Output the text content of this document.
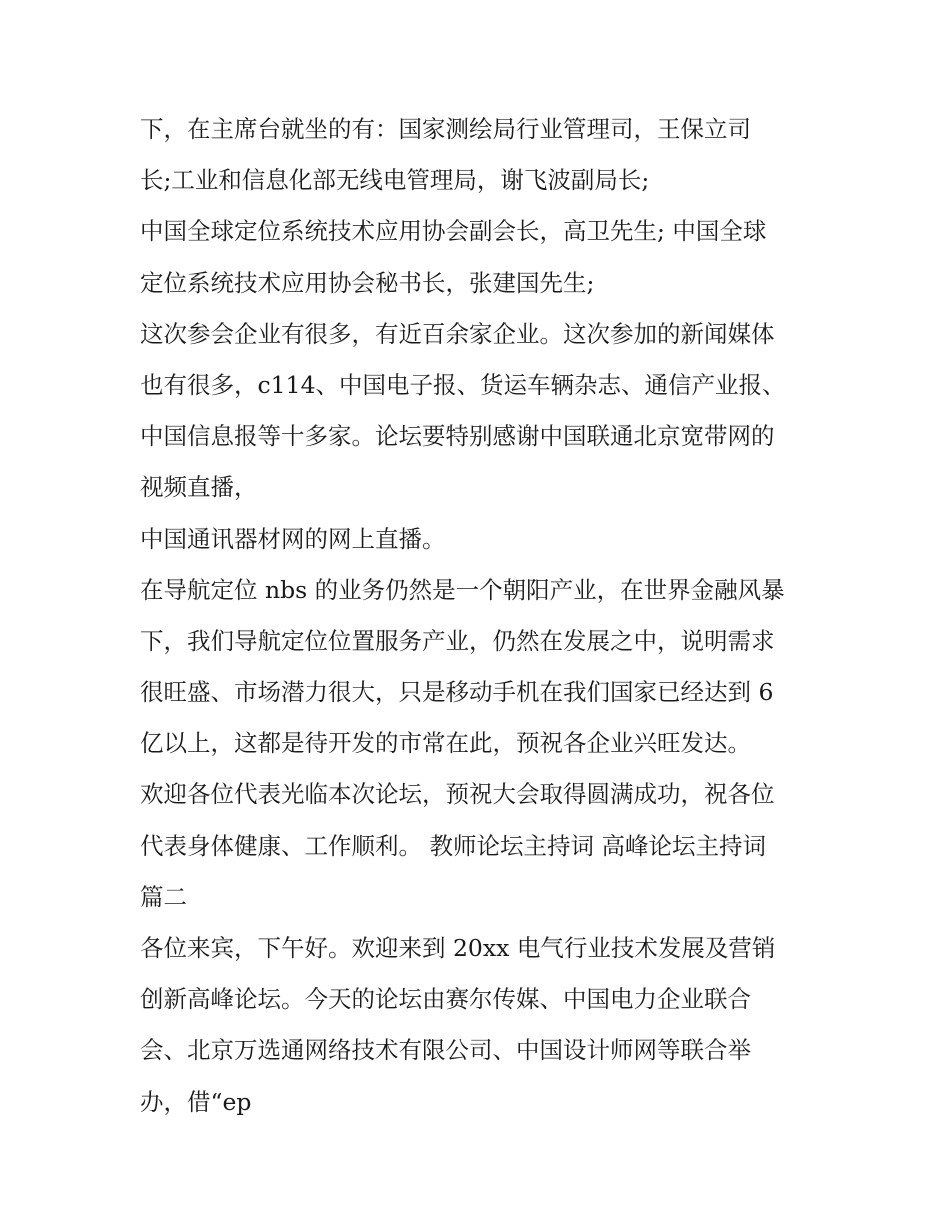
下，在主席台就坐的有：国家测绘局行业管理司，王保立司
长;工业和信息化部无线电管理局，谢飞波副局长;
中国全球定位系统技术应用协会副会长，高卫先生; 中国全球
定位系统技术应用协会秘书长，张建国先生;
这次参会企业有很多，有近百余家企业。这次参加的新闻媒体
也有很多，c114、中国电子报、货运车辆杂志、通信产业报、
中国信息报等十多家。论坛要特别感谢中国联通北京宽带网的
视频直播，
中国通讯器材网的网上直播。
在导航定位 nbs 的业务仍然是一个朝阳产业，在世界金融风暴
下，我们导航定位位置服务产业，仍然在发展之中，说明需求
很旺盛、市场潜力很大，只是移动手机在我们国家已经达到 6
亿以上，这都是待开发的市常在此，预祝各企业兴旺发达。
欢迎各位代表光临本次论坛，预祝大会取得圆满成功，祝各位
代表身体健康、工作顺利。 教师论坛主持词 高峰论坛主持词
篇二
各位来宾，下午好。欢迎来到 20xx 电气行业技术发展及营销
创新高峰论坛。今天的论坛由赛尔传媒、中国电力企业联合
会、北京万选通网络技术有限公司、中国设计师网等联合举
办，借“ep
